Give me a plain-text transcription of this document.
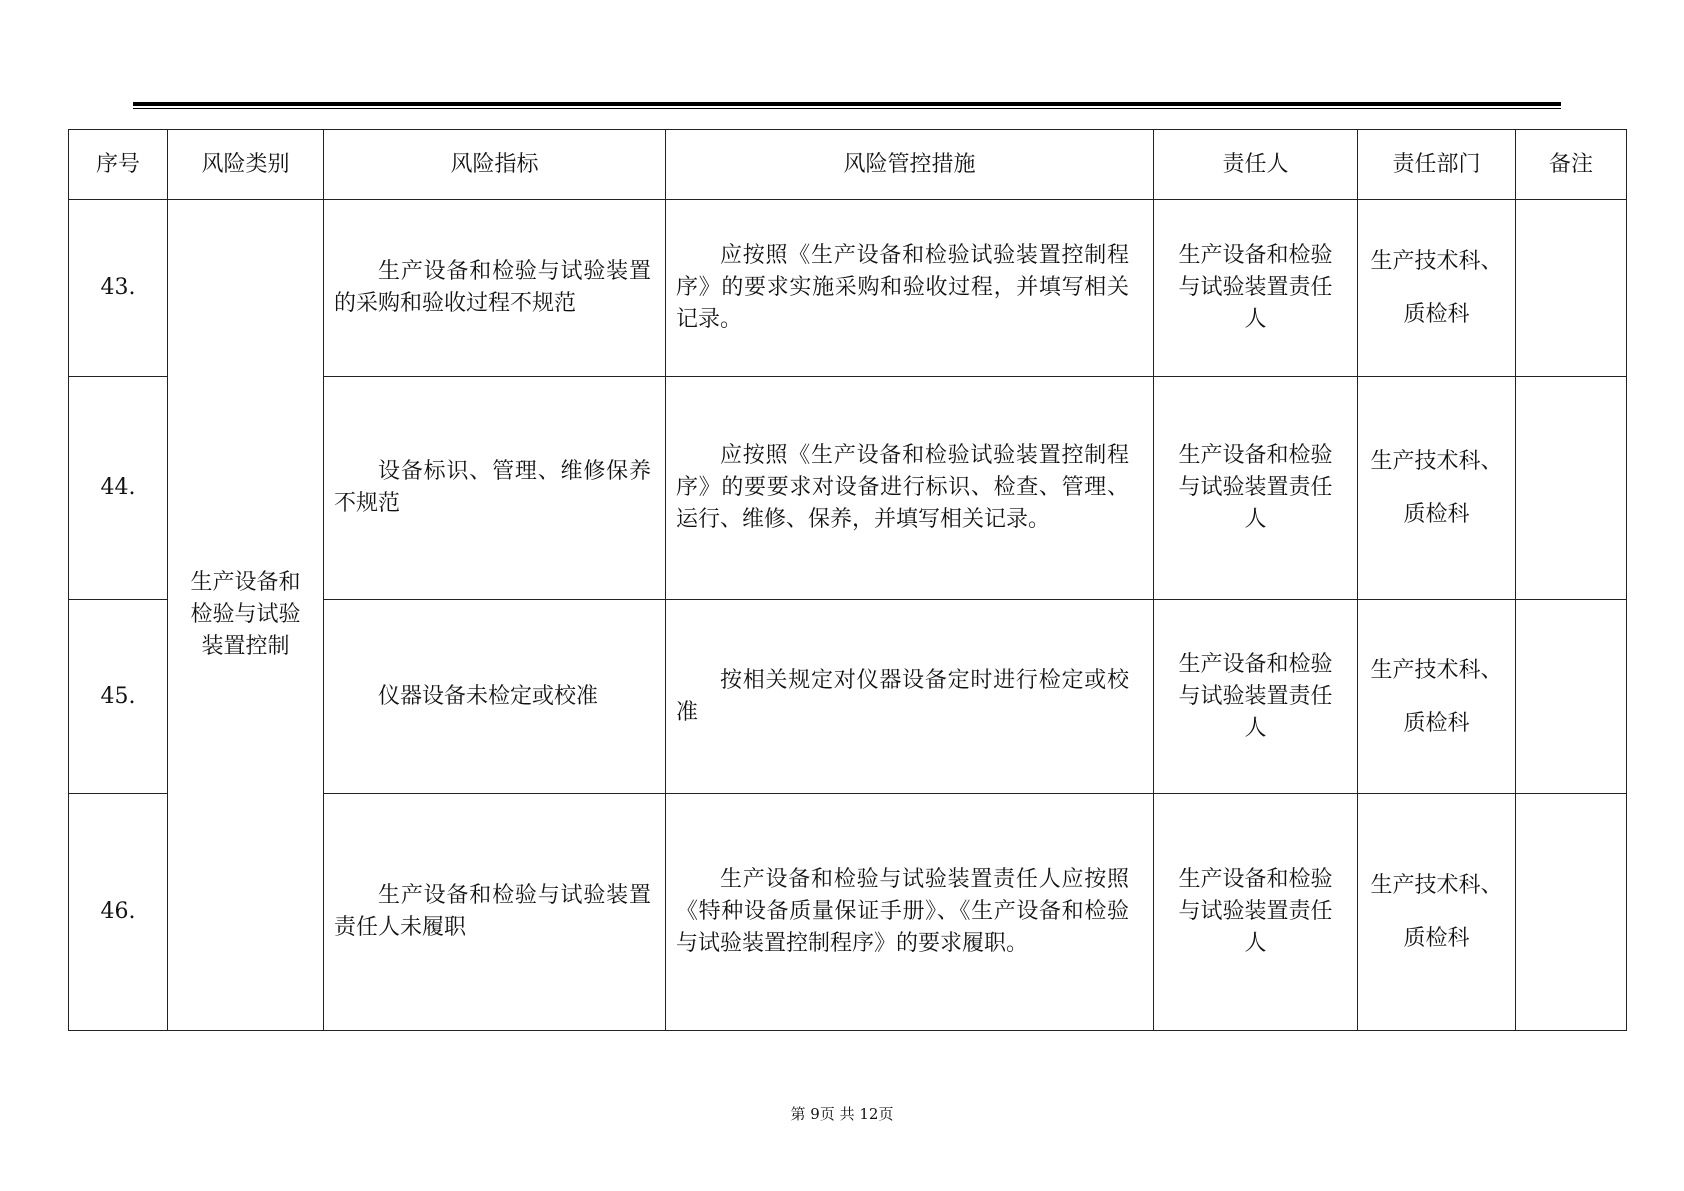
序号	风险类别	风险指标	风险管控措施	责任人	责任部门	备注
43.	生产设备和检验与试验装置控制	生产设备和检验与试验装置的采购和验收过程不规范	应按照《生产设备和检验试验装置控制程序》的要求实施采购和验收过程，并填写相关记录。	生产设备和检验与试验装置责任人	生产技术科、质检科	

44.		设备标识、管理、维修保养不规范	应按照《生产设备和检验试验装置控制程序》的要要求对设备进行标识、检查、管理、运行、维修、保养，并填写相关记录。	生产设备和检验与试验装置责任人	生产技术科、质检科	

45.		仪器设备未检定或校准	按相关规定对仪器设备定时进行检定或校准	生产设备和检验与试验装置责任人	生产技术科、质检科	

46.		生产设备和检验与试验装置责任人未履职	生产设备和检验与试验装置责任人应按照《特种设备质量保证手册》、《生产设备和检验与试验装置控制程序》的要求履职。	生产设备和检验与试验装置责任人	生产技术科、质检科	

第 9页 共 12页
